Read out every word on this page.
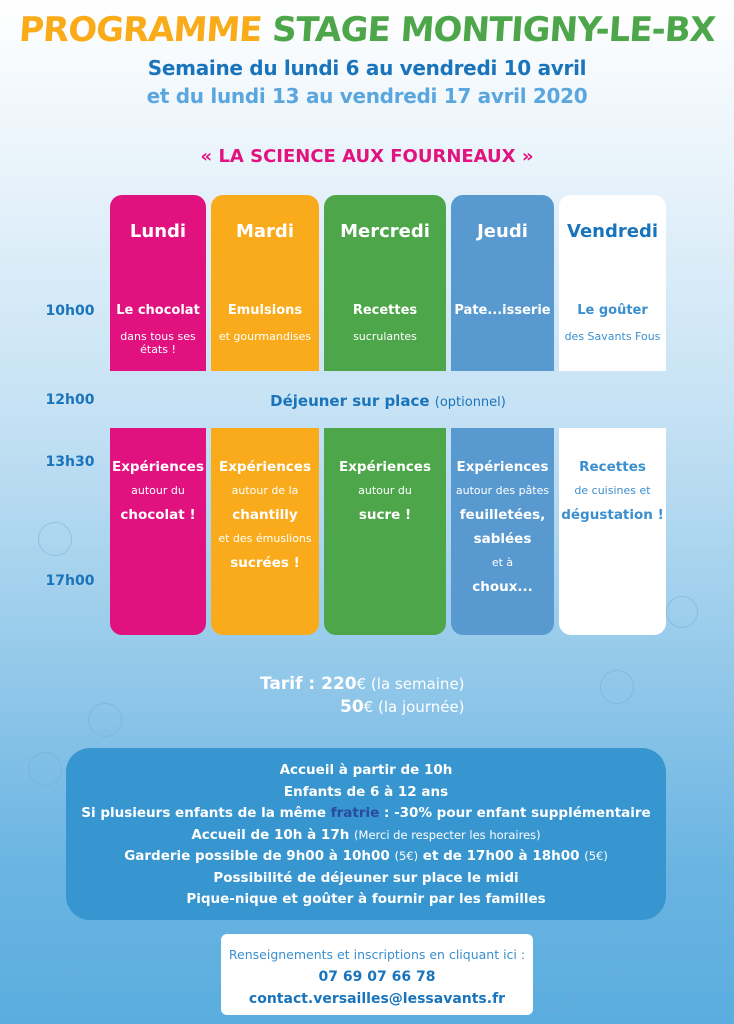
PROGRAMME STAGE MONTIGNY-LE-BX
Semaine du lundi 6 au vendredi 10 avril
et du lundi 13 au vendredi 17 avril 2020
« LA SCIENCE AUX FOURNEAUX »
10h00
12h00
13h30
17h00
Lundi
Le chocolat
dans tous ses états !
Expériences
autour du
chocolat !
Mardi
Emulsions
et gourmandises
Expériences
autour de la
chantilly
et des émuslions
sucrées !
Mercredi
Recettes
sucrulantes
Expériences
autour du
sucre !
Jeudi
Pate...isserie
Expériences
autour des pâtes
feuilletées,
sablées
et à
choux...
Vendredi
Le goûter
des Savants Fous
Recettes
de cuisines et
dégustation !
Déjeuner sur place (optionnel)
Tarif : 220€ (la semaine)
50€ (la journée)
Accueil à partir de 10h
Enfants de 6 à 12 ans
Si plusieurs enfants de la même fratrie : -30% pour enfant supplémentaire
Accueil de 10h à 17h (Merci de respecter les horaires)
Garderie possible de 9h00 à 10h00 (5€) et de 17h00 à 18h00 (5€)
Possibilité de déjeuner sur place le midi
Pique-nique et goûter à fournir par les familles
Renseignements et inscriptions en cliquant ici :
07 69 07 66 78
contact.versailles@lessavants.fr
